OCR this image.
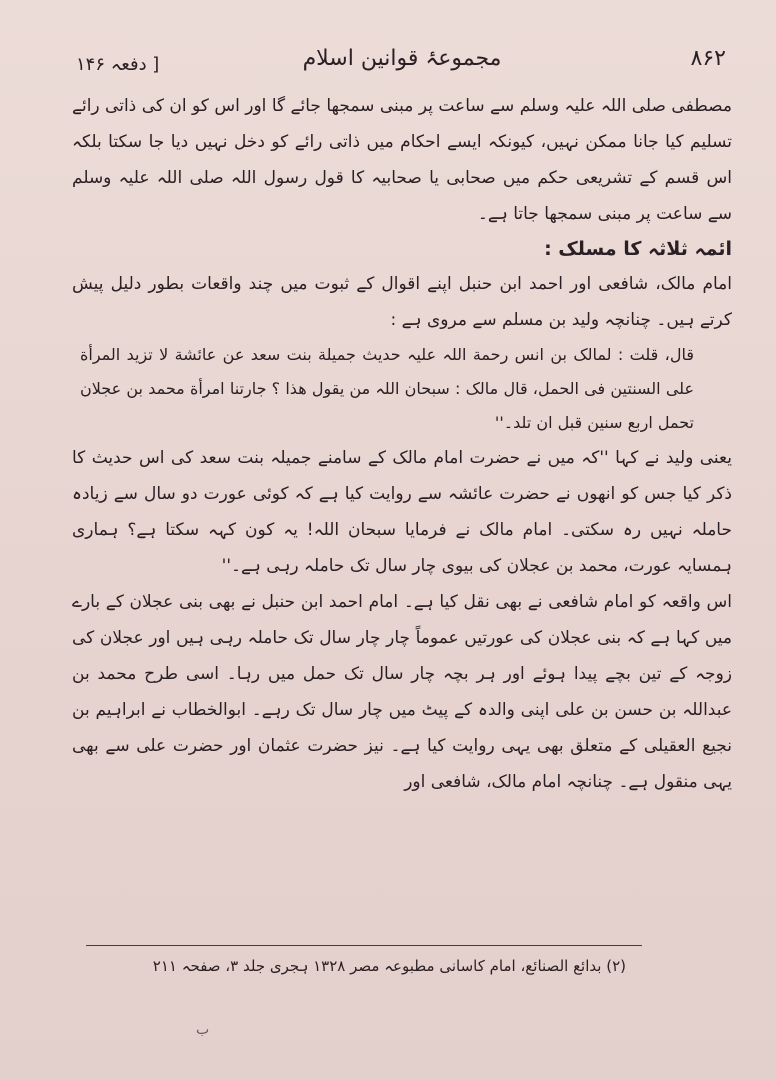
۸۶۲
مجموعۂ قوانین اسلام
[ دفعہ ۱۴۶

مصطفی صلی اللہ علیہ وسلم سے ساعت پر مبنی سمجھا جائے گا اور اس کو ان کی ذاتی رائے تسلیم کیا جانا ممکن نہیں، کیونکہ ایسے احکام میں ذاتی رائے کو دخل نہیں دیا جا سکتا بلکہ اس قسم کے تشریعی حکم میں صحابی یا صحابیہ کا قول رسول اللہ صلی اللہ علیہ وسلم سے ساعت پر مبنی سمجھا جاتا ہے۔

ائمہ ثلاثہ کا مسلک :

امام مالک، شافعی اور احمد ابن حنبل اپنے اقوال کے ثبوت میں چند واقعات بطور دلیل پیش کرتے ہیں۔ چنانچہ ولید بن مسلم سے مروی ہے :

قال، قلت : لمالک بن انس رحمة اللہ علیہ حدیث جمیلة بنت سعد عن عائشة لا تزید المرأة علی السنتین فی الحمل، قال مالک : سبحان اللہ من یقول ھذا ؟ جارتنا امرأة محمد بن عجلان تحمل اربع سنین قبل ان تلد۔''

یعنی ولید نے کہا ''کہ میں نے حضرت امام مالک کے سامنے جمیلہ بنت سعد کی اس حدیث کا ذکر کیا جس کو انھوں نے حضرت عائشہ سے روایت کیا ہے کہ کوئی عورت دو سال سے زیادہ حاملہ نہیں رہ سکتی۔ امام مالک نے فرمایا سبحان اللہ! یہ کون کہہ سکتا ہے؟ ہماری ہمسایہ عورت، محمد بن عجلان کی بیوی چار سال تک حاملہ رہی ہے۔''

اس واقعہ کو امام شافعی نے بھی نقل کیا ہے۔ امام احمد ابن حنبل نے بھی بنی عجلان کے بارے میں کہا ہے کہ بنی عجلان کی عورتیں عموماً چار چار سال تک حاملہ رہی ہیں اور عجلان کی زوجہ کے تین بچے پیدا ہوئے اور ہر بچہ چار سال تک حمل میں رہا۔ اسی طرح محمد بن عبداللہ بن حسن بن علی اپنی والدہ کے پیٹ میں چار سال تک رہے۔ ابوالخطاب نے ابراہیم بن نجیع العقیلی کے متعلق بھی یہی روایت کیا ہے۔ نیز حضرت عثمان اور حضرت علی سے بھی یہی منقول ہے۔ چنانچہ امام مالک، شافعی اور

(۲) بدائع الصنائع، امام کاسانی مطبوعہ مصر ۱۳۲۸ ہجری جلد ۳، صفحہ ۲۱۱
ب
